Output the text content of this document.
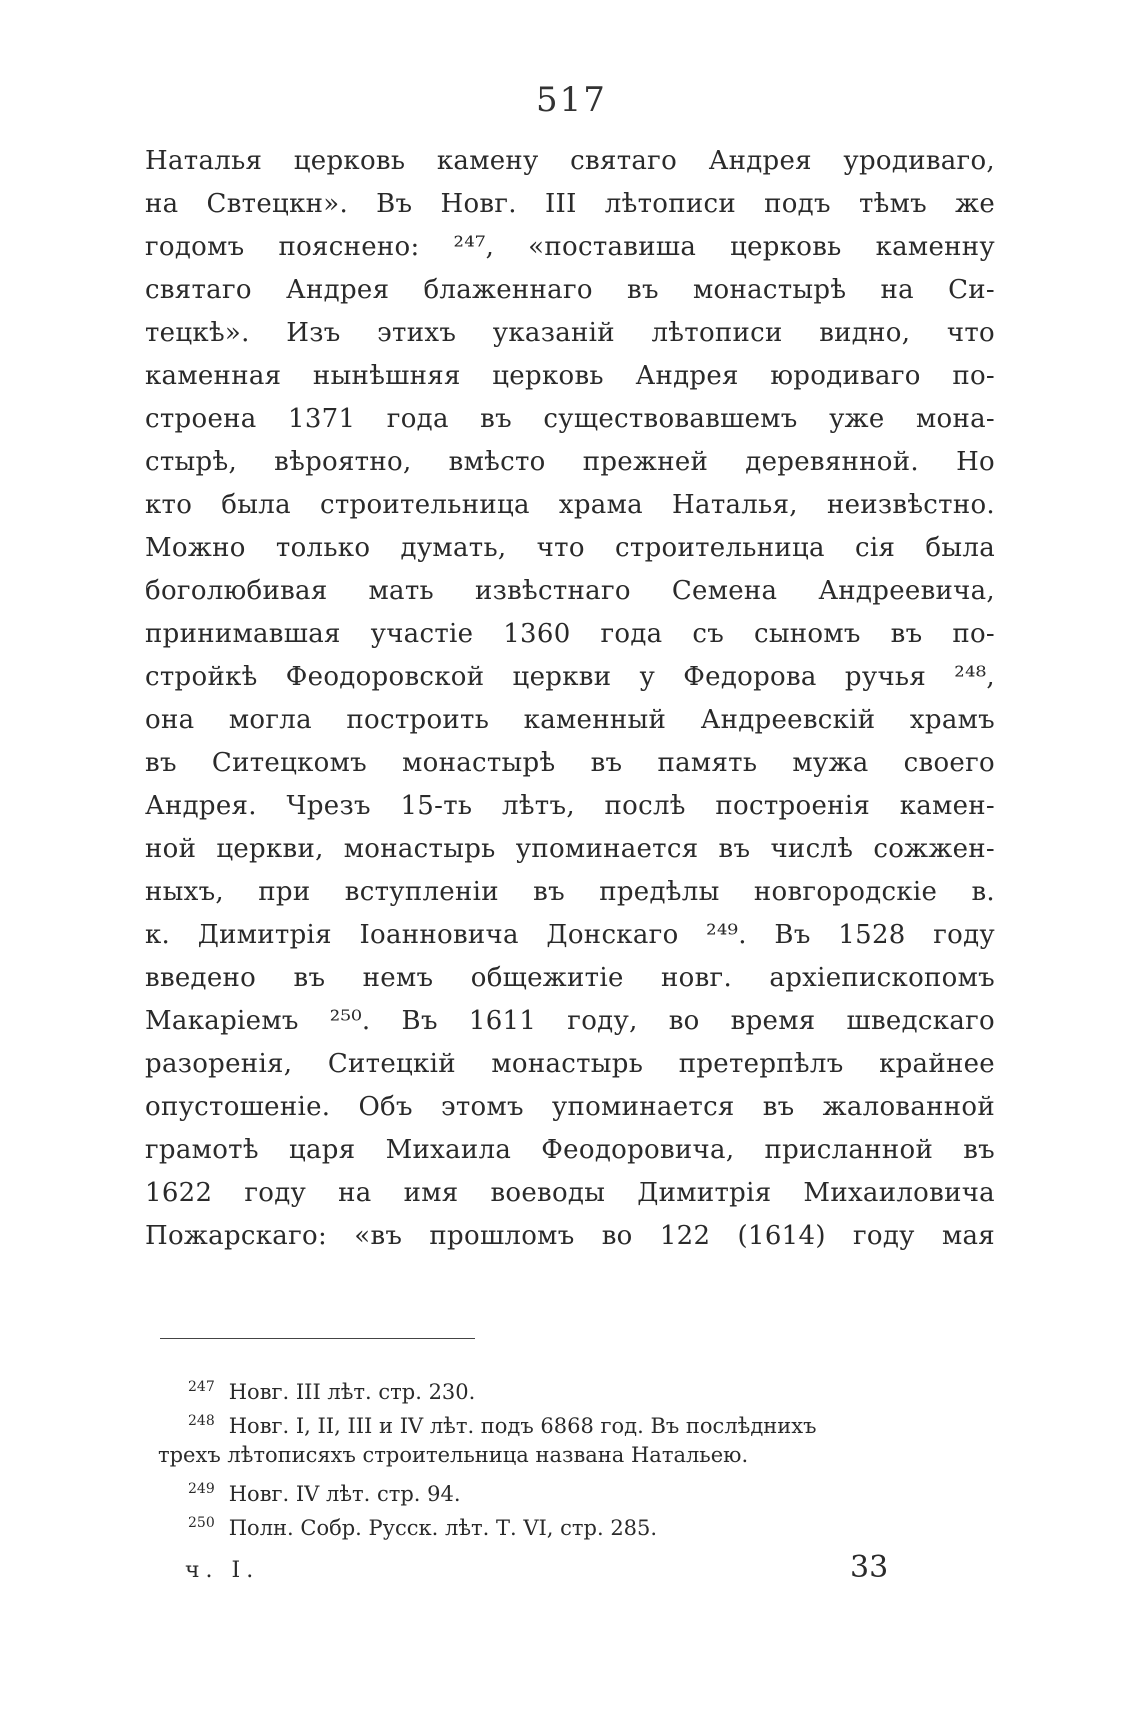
517
Наталья церковь камену святаго Андрея уродиваго,
на Свтецкн». Въ Новг. III лѣтописи подъ тѣмъ же
годомъ пояснено: ²⁴⁷, «поставиша церковь каменну
святаго Андрея блаженнаго въ монастырѣ на Си-
тецкѣ». Изъ этихъ указаній лѣтописи видно, что
каменная нынѣшняя церковь Андрея юродиваго по-
строена 1371 года въ существовавшемъ уже мона-
стырѣ, вѣроятно, вмѣсто прежней деревянной. Но
кто была строительница храма Наталья, неизвѣстно.
Можно только думать, что строительница сія была
боголюбивая мать извѣстнаго Семена Андреевича,
принимавшая участіе 1360 года съ сыномъ въ по-
стройкѣ Феодоровской церкви у Федорова ручья ²⁴⁸,
она могла построить каменный Андреевскій храмъ
въ Ситецкомъ монастырѣ въ память мужа своего
Андрея. Чрезъ 15-ть лѣтъ, послѣ построенія камен-
ной церкви, монастырь упоминается въ числѣ сожжен-
ныхъ, при вступленіи въ предѣлы новгородскіе в.
к. Димитрія Іоанновича Донскаго ²⁴⁹. Въ 1528 году
введено въ немъ общежитіе новг. архіепископомъ
Макаріемъ ²⁵⁰. Въ 1611 году, во время шведскаго
разоренія, Ситецкій монастырь претерпѣлъ крайнее
опустошеніе. Объ этомъ упоминается въ жалованной
грамотѣ царя Михаила Феодоровича, присланной въ
1622 году на имя воеводы Димитрія Михаиловича
Пожарскаго: «въ прошломъ во 122 (1614) году мая
$^{247}$ Новг. III лѣт. стр. 230.
$^{248}$ Новг. I, II, III и IV лѣт. подъ 6868 год. Въ послѣднихъ
трехъ лѣтописяхъ строительница названа Натальею.
$^{249}$ Новг. IV лѣт. стр. 94.
$^{250}$ Полн. Собр. Русск. лѣт. Т. VI, стр. 285.
ч. I.	33
